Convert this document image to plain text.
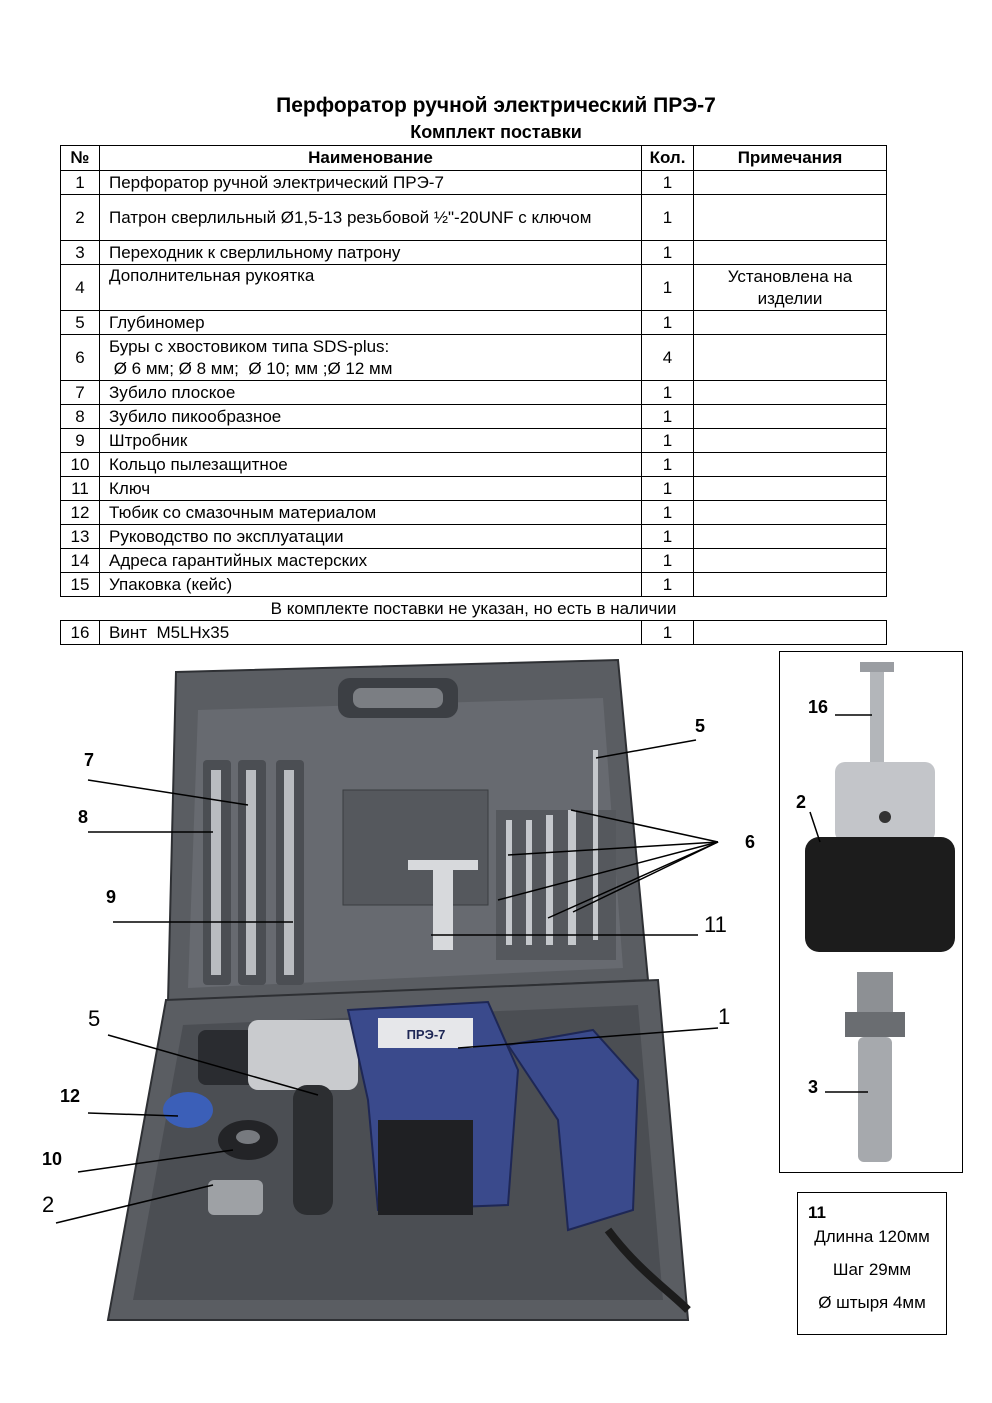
Перфоратор ручной электрический ПРЭ-7
Комплект поставки
№	Наименование	Кол.	Примечания
1	Перфоратор ручной электрический ПРЭ-7	1	
2	Патрон сверлильный Ø1,5-13 резьбовой ½"-20UNF с ключом	1	
3	Переходник к сверлильному патрону	1	
4	Дополнительная рукоятка	1	Установлена на изделии
5	Глубиномер	1	
6	Буры с хвостовиком типа SDS-plus:
Ø 6 мм; Ø 8 мм;  Ø 10; мм ;Ø 12 мм	4	
7	Зубило плоское	1	
8	Зубило пикообразное	1	
9	Штробник	1	
10	Кольцо пылезащитное	1	
11	Ключ	1	
12	Тюбик со смазочным материалом	1	
13	Руководство по эксплуатации	1	
14	Адреса гарантийных мастерских	1	
15	Упаковка (кейс)	1	
В комплекте поставки не указан, но есть в наличии			
16	Винт  M5LHx35	1	
ПРЭ-7
7
8
9
5
6
11
5	1
12
10
2
16
2
3
11
Длинна 120мм
Шаг 29мм
Ø штыря 4мм
